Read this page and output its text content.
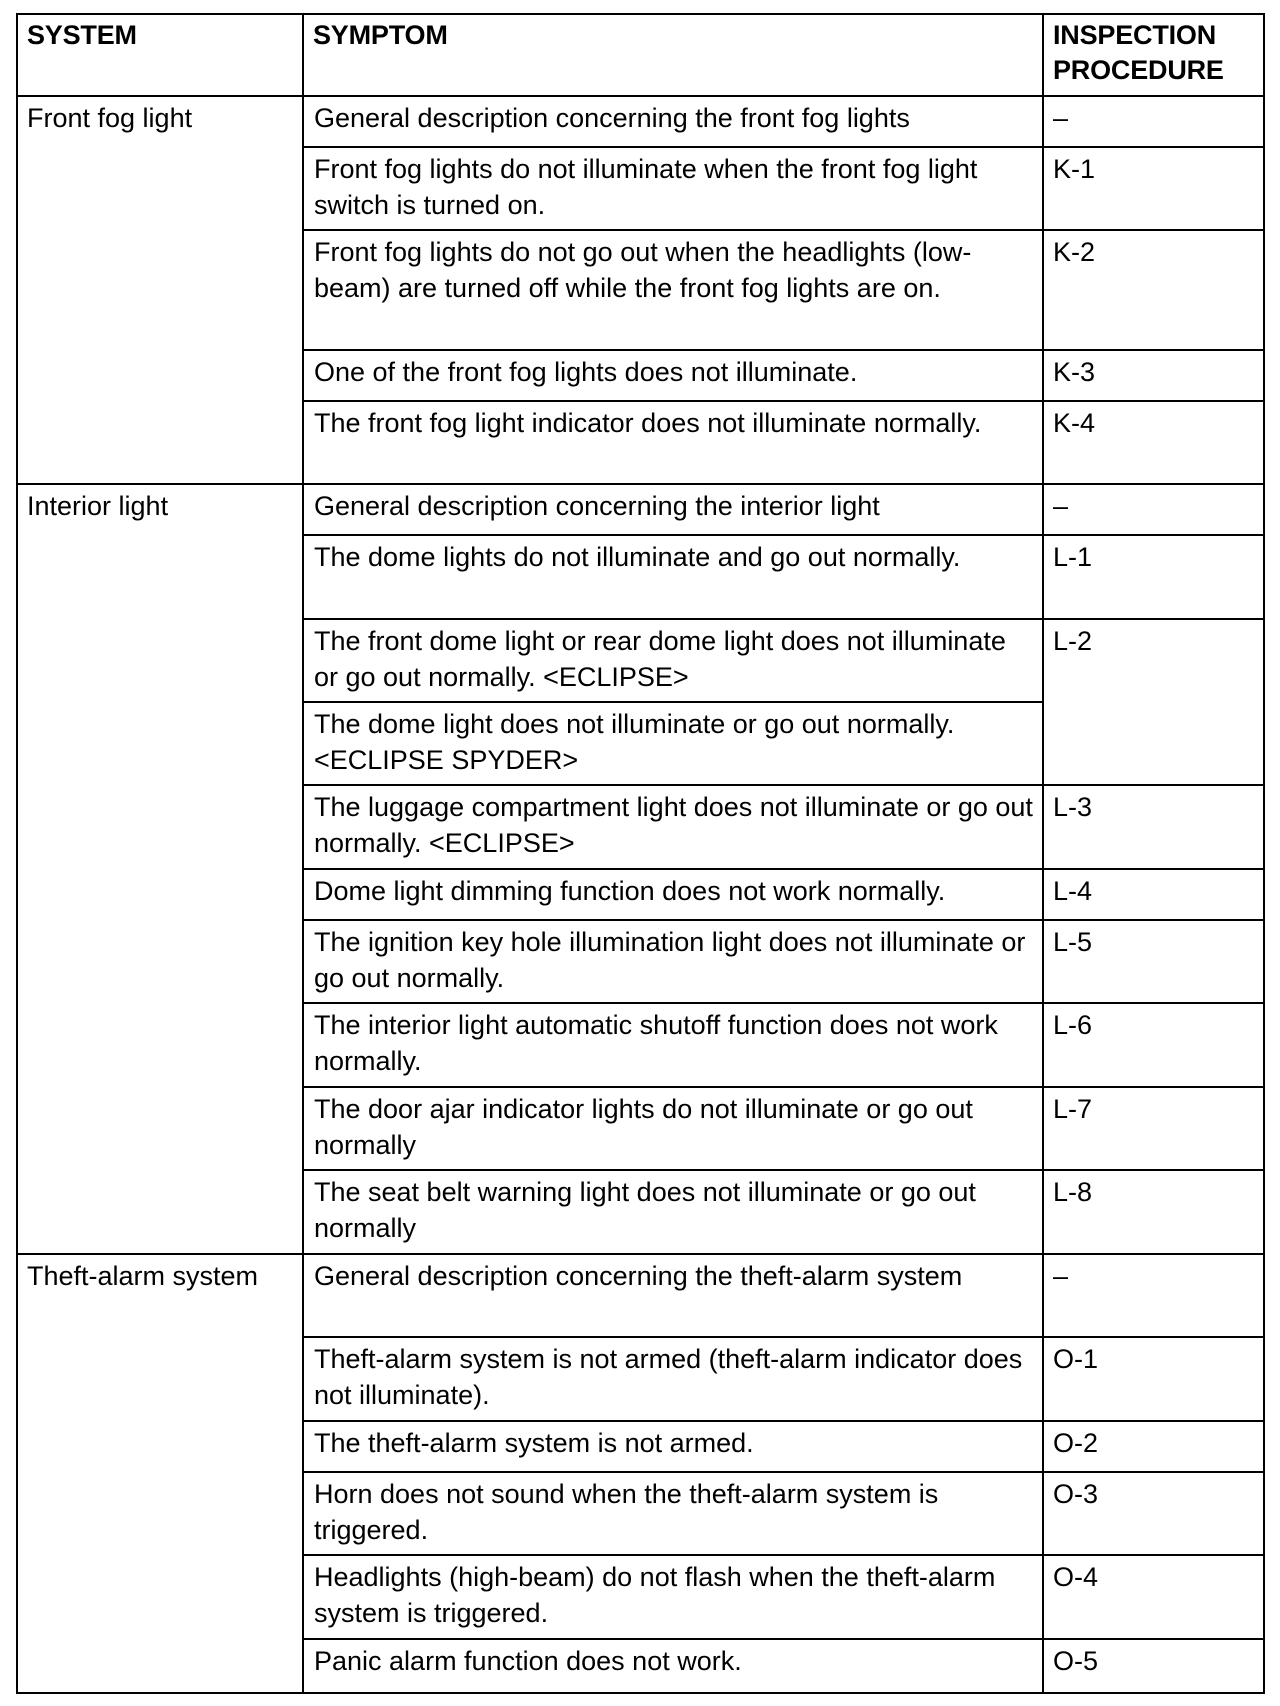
SYSTEM	SYMPTOM	INSPECTION PROCEDURE
Front fog light	General description concerning the front fog lights	–
	Front fog lights do not illuminate when the front fog light switch is turned on.	K-1
	Front fog lights do not go out when the headlights (low-beam) are turned off while the front fog lights are on.	K-2
	One of the front fog lights does not illuminate.	K-3
	The front fog light indicator does not illuminate normally.	K-4
Interior light	General description concerning the interior light	–
	The dome lights do not illuminate and go out normally.	L-1
	The front dome light or rear dome light does not illuminate or go out normally. <ECLIPSE>	L-2
	The dome light does not illuminate or go out normally. <ECLIPSE SPYDER>	
	The luggage compartment light does not illuminate or go out normally. <ECLIPSE>	L-3
	Dome light dimming function does not work normally.	L-4
	The ignition key hole illumination light does not illuminate or go out normally.	L-5
	The interior light automatic shutoff function does not work normally.	L-6
	The door ajar indicator lights do not illuminate or go out normally	L-7
	The seat belt warning light does not illuminate or go out normally	L-8
Theft-alarm system	General description concerning the theft-alarm system	–
	Theft-alarm system is not armed (theft-alarm indicator does not illuminate).	O-1
	The theft-alarm system is not armed.	O-2
	Horn does not sound when the theft-alarm system is triggered.	O-3
	Headlights (high-beam) do not flash when the theft-alarm system is triggered.	O-4
	Panic alarm function does not work.	O-5
